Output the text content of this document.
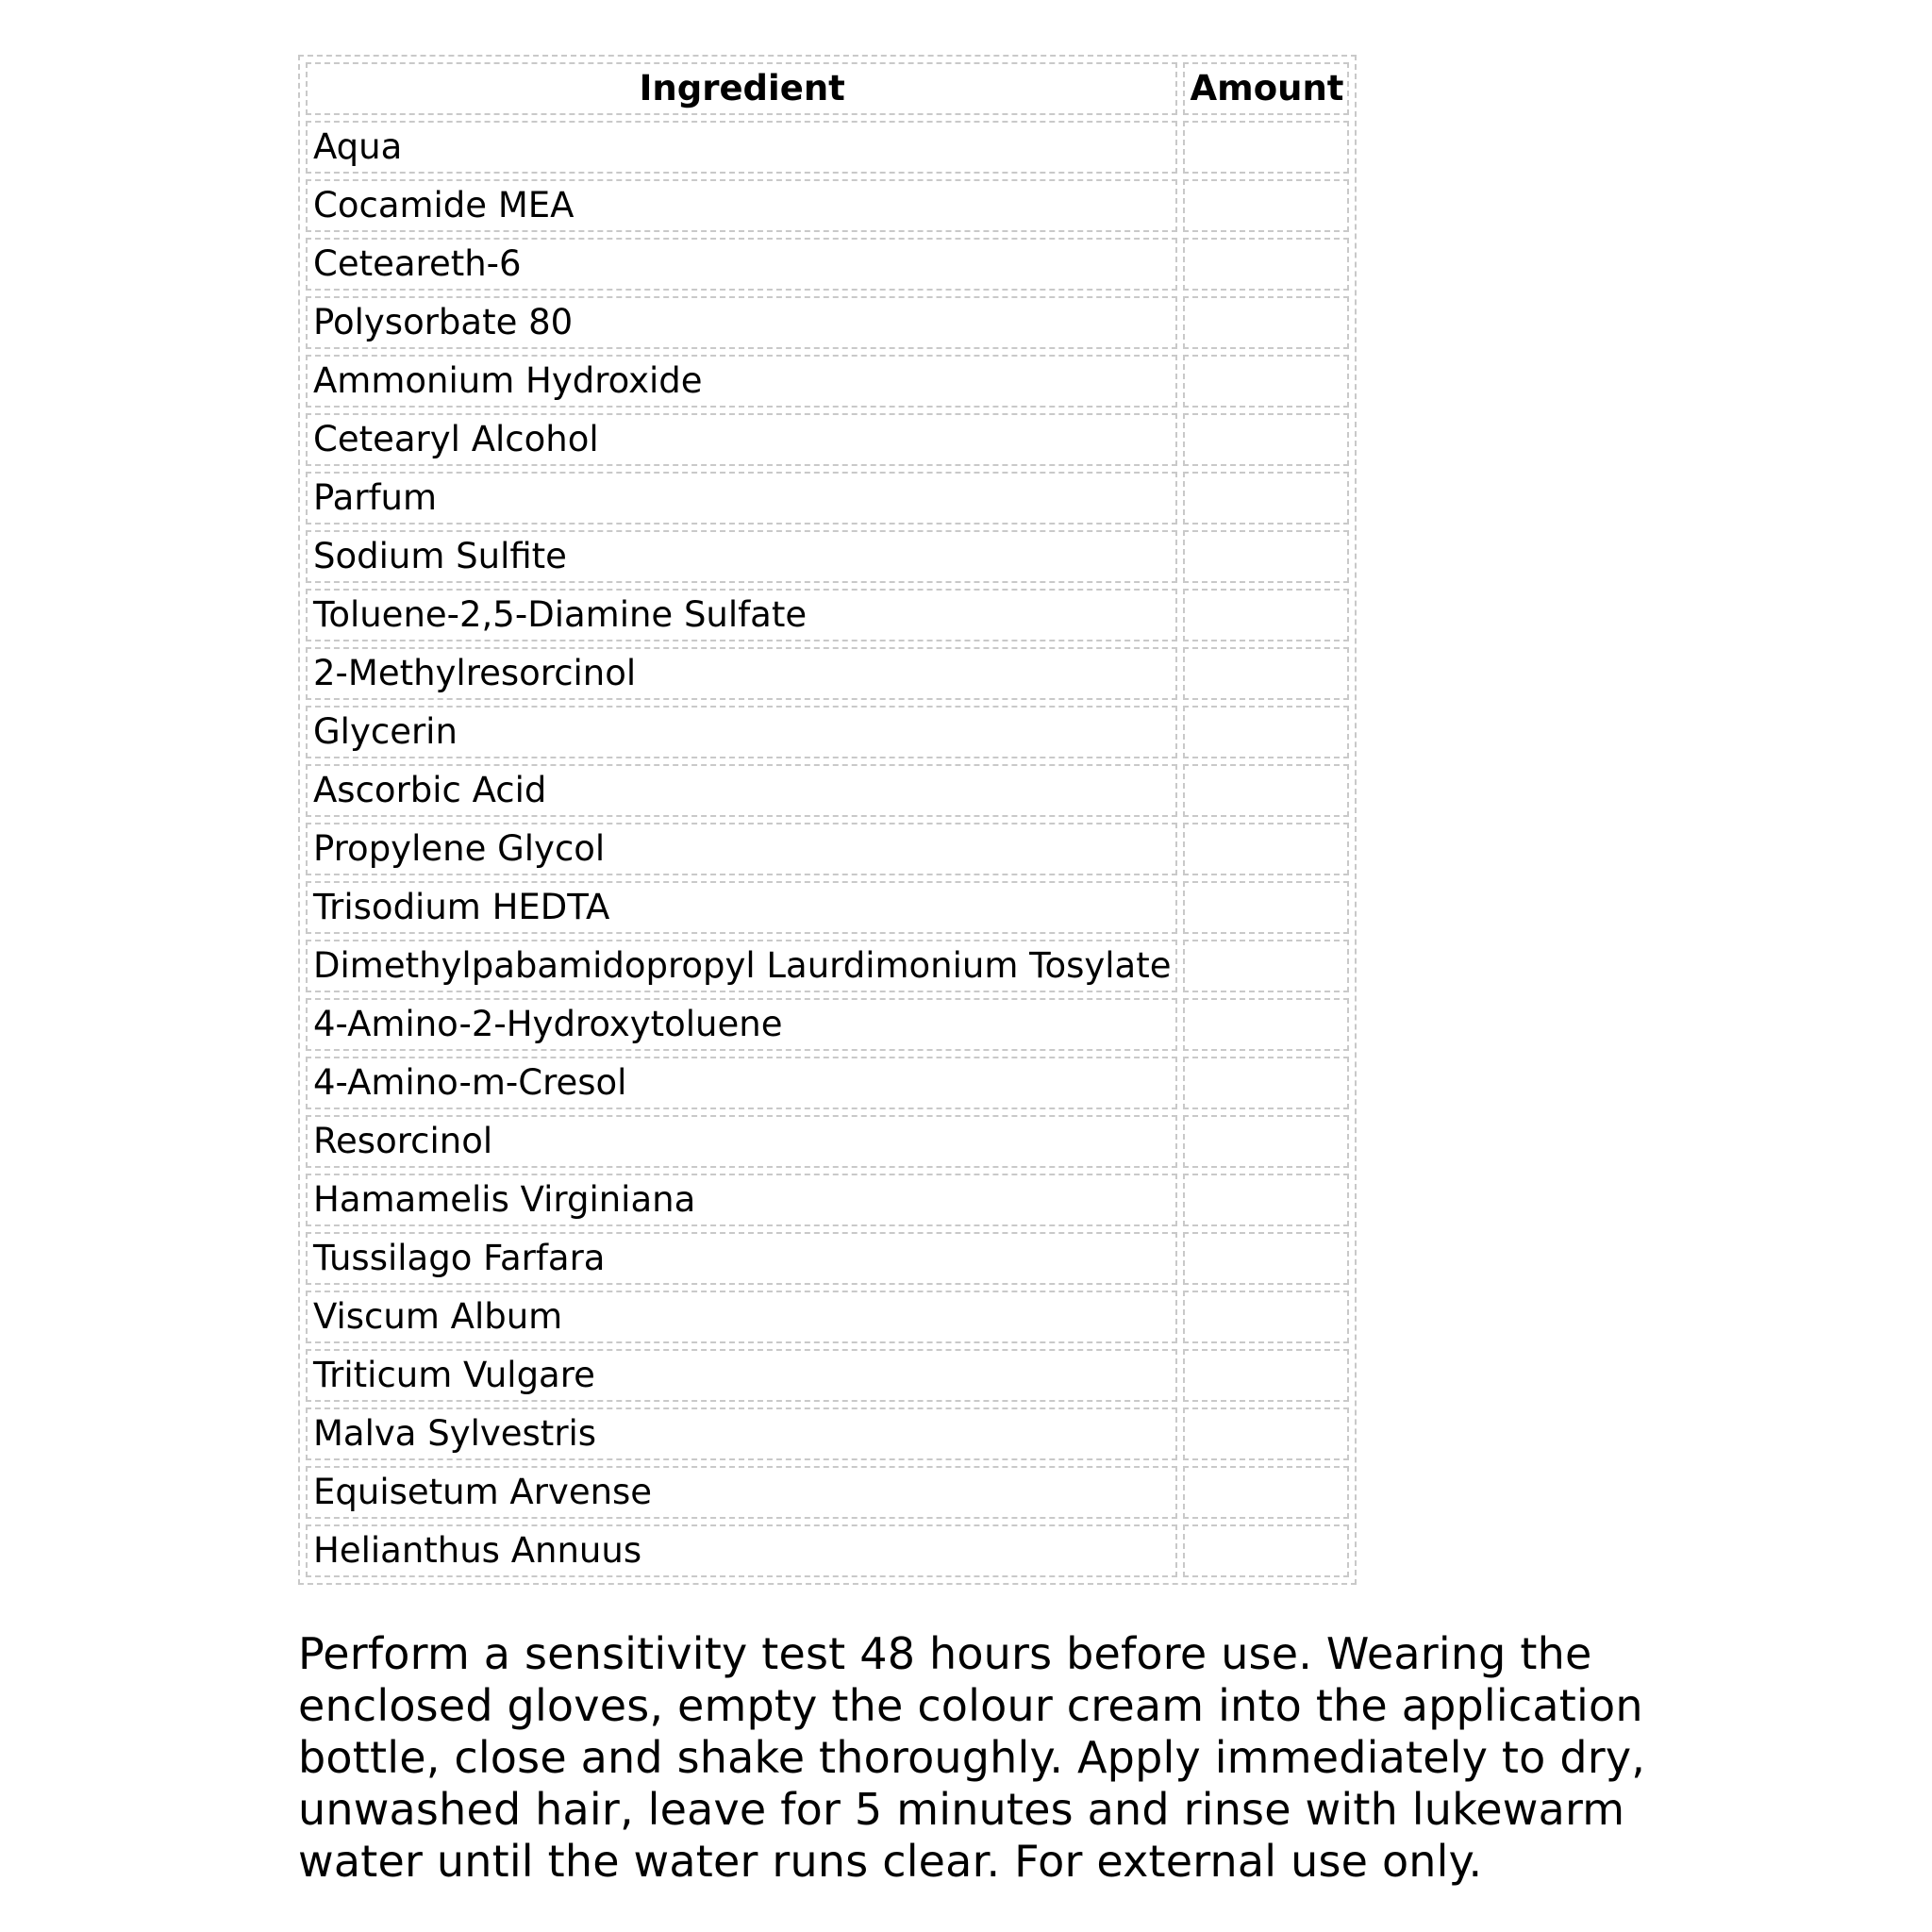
Ingredient	Amount
Aqua	
Cocamide MEA	
Ceteareth-6	
Polysorbate 80	
Ammonium Hydroxide	
Cetearyl Alcohol	
Parfum	
Sodium Sulfite	
Toluene-2,5-Diamine Sulfate	
2-Methylresorcinol	
Glycerin	
Ascorbic Acid	
Propylene Glycol	
Trisodium HEDTA	
Dimethylpabamidopropyl Laurdimonium Tosylate	
4-Amino-2-Hydroxytoluene	
4-Amino-m-Cresol	
Resorcinol	
Hamamelis Virginiana	
Tussilago Farfara	
Viscum Album	
Triticum Vulgare	
Malva Sylvestris	
Equisetum Arvense	
Helianthus Annuus	

Perform a sensitivity test 48 hours before use. Wearing the enclosed gloves, empty the colour cream into the application bottle, close and shake thoroughly. Apply immediately to dry, unwashed hair, leave for 5 minutes and rinse with lukewarm water until the water runs clear. For external use only.
